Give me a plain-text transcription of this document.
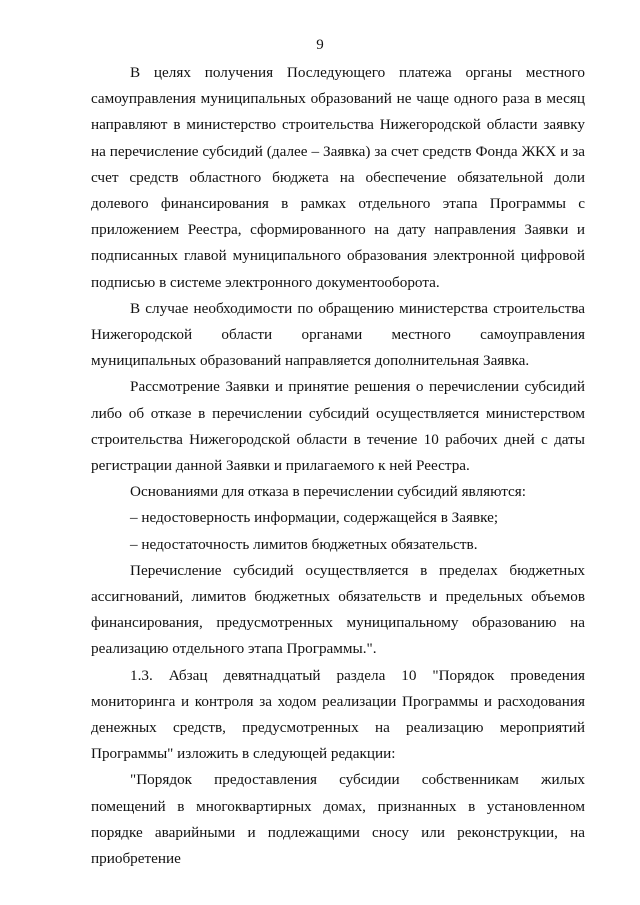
9

В целях получения Последующего платежа органы местного самоуправления муниципальных образований не чаще одного раза в месяц направляют в министерство строительства Нижегородской области заявку на перечисление субсидий (далее – Заявка) за счет средств Фонда ЖКХ и за счет средств областного бюджета на обеспечение обязательной доли долевого финансирования в рамках отдельного этапа Программы с приложением Реестра, сформированного на дату направления Заявки и подписанных главой муниципального образования электронной цифровой подписью в системе электронного документооборота.

В случае необходимости по обращению министерства строительства Нижегородской области органами местного самоуправления муниципальных образований направляется дополнительная Заявка.

Рассмотрение Заявки и принятие решения о перечислении субсидий либо об отказе в перечислении субсидий осуществляется министерством строительства Нижегородской области в течение 10 рабочих дней с даты регистрации данной Заявки и прилагаемого к ней Реестра.

Основаниями для отказа в перечислении субсидий являются:

– недостоверность информации, содержащейся в Заявке;

– недостаточность лимитов бюджетных обязательств.

Перечисление субсидий осуществляется в пределах бюджетных ассигнований, лимитов бюджетных обязательств и предельных объемов финансирования, предусмотренных муниципальному образованию на реализацию отдельного этапа Программы.".

1.3. Абзац девятнадцатый раздела 10 "Порядок проведения мониторинга и контроля за ходом реализации Программы и расходования денежных средств, предусмотренных на реализацию мероприятий Программы" изложить в следующей редакции:

"Порядок предоставления субсидии собственникам жилых помещений в многоквартирных домах, признанных в установленном порядке аварийными и подлежащими сносу или реконструкции, на приобретение
